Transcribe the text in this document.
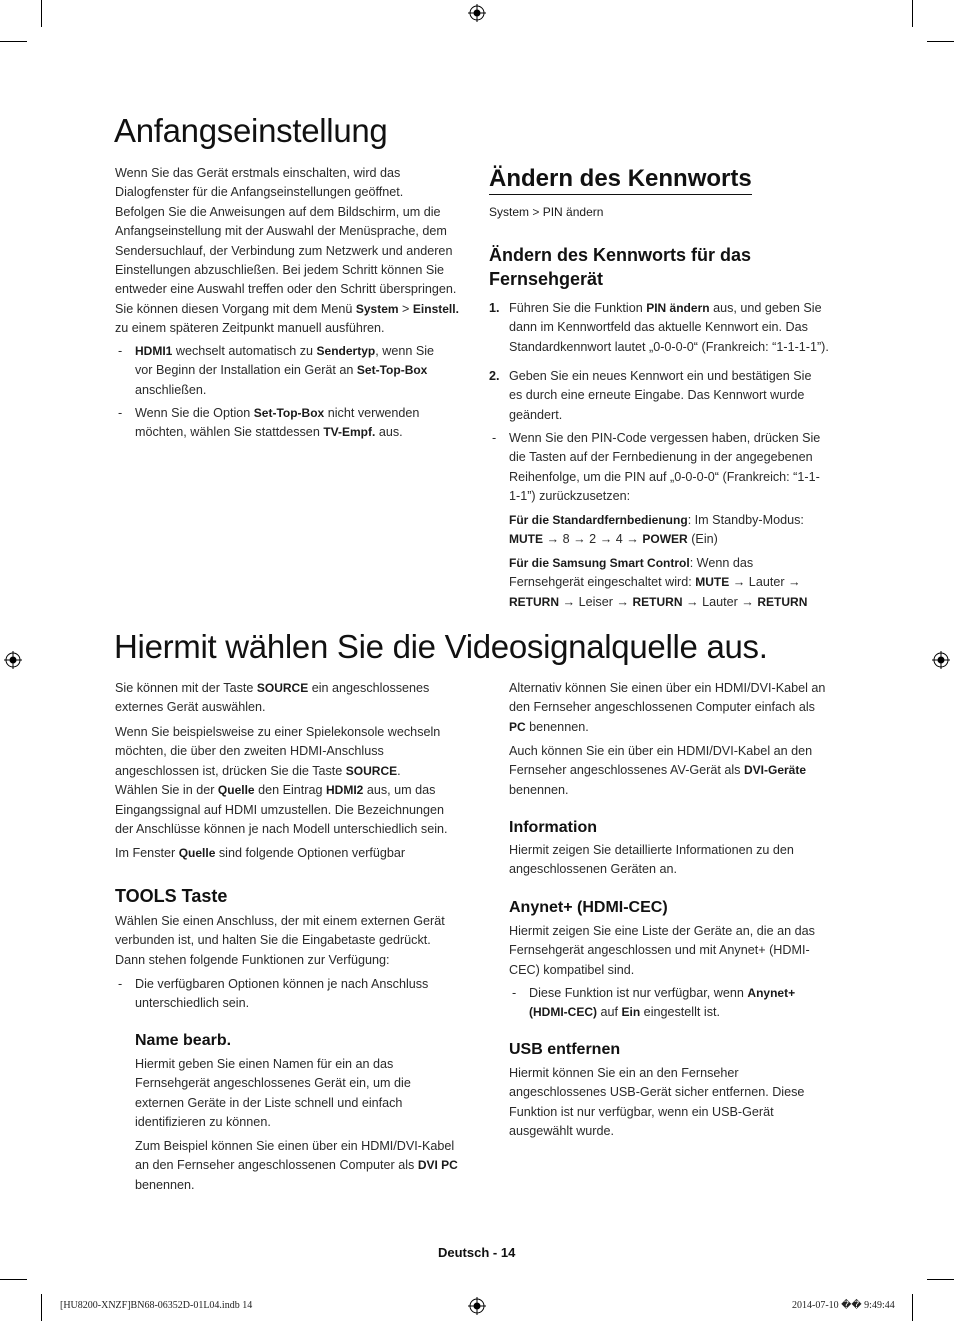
Anfangseinstellung
Wenn Sie das Gerät erstmals einschalten, wird das
Dialogfenster für die Anfangseinstellungen geöffnet.
Befolgen Sie die Anweisungen auf dem Bildschirm, um die
Anfangseinstellung mit der Auswahl der Menüsprache, dem
Sendersuchlauf, der Verbindung zum Netzwerk und anderen
Einstellungen abzuschließen. Bei jedem Schritt können Sie
entweder eine Auswahl treffen oder den Schritt überspringen.
Sie können diesen Vorgang mit dem Menü System > Einstell.
zu einem späteren Zeitpunkt manuell ausführen.
- HDMI1 wechselt automatisch zu Sendertyp, wenn Sie
vor Beginn der Installation ein Gerät an Set-Top-Box
anschließen.
- Wenn Sie die Option Set-Top-Box nicht verwenden
möchten, wählen Sie stattdessen TV-Empf. aus.
Ändern des Kennworts
System > PIN ändern
Ändern des Kennworts für das
Fernsehgerät
1. Führen Sie die Funktion PIN ändern aus, und geben Sie
dann im Kennwortfeld das aktuelle Kennwort ein. Das
Standardkennwort lautet „0-0-0-0“ (Frankreich: “1-1-1-1”).
2. Geben Sie ein neues Kennwort ein und bestätigen Sie
es durch eine erneute Eingabe. Das Kennwort wurde
geändert.
- Wenn Sie den PIN-Code vergessen haben, drücken Sie
die Tasten auf der Fernbedienung in der angegebenen
Reihenfolge, um die PIN auf „0-0-0-0“ (Frankreich: “1-1-
1-1”) zurückzusetzen:
Für die Standardfernbedienung: Im Standby-Modus:
MUTE → 8 → 2 → 4 → POWER (Ein)
Für die Samsung Smart Control: Wenn das
Fernsehgerät eingeschaltet wird: MUTE → Lauter →
RETURN → Leiser → RETURN → Lauter → RETURN
Hiermit wählen Sie die Videosignalquelle aus.
Sie können mit der Taste SOURCE ein angeschlossenes
externes Gerät auswählen.
Wenn Sie beispielsweise zu einer Spielekonsole wechseln
möchten, die über den zweiten HDMI-Anschluss
angeschlossen ist, drücken Sie die Taste SOURCE.
Wählen Sie in der Quelle den Eintrag HDMI2 aus, um das
Eingangssignal auf HDMI umzustellen. Die Bezeichnungen
der Anschlüsse können je nach Modell unterschiedlich sein.
Im Fenster Quelle sind folgende Optionen verfügbar
TOOLS Taste
Wählen Sie einen Anschluss, der mit einem externen Gerät
verbunden ist, und halten Sie die Eingabetaste gedrückt.
Dann stehen folgende Funktionen zur Verfügung:
- Die verfügbaren Optionen können je nach Anschluss
unterschiedlich sein.
Name bearb.
Hiermit geben Sie einen Namen für ein an das
Fernsehgerät angeschlossenes Gerät ein, um die
externen Geräte in der Liste schnell und einfach
identifizieren zu können.
Zum Beispiel können Sie einen über ein HDMI/DVI-Kabel
an den Fernseher angeschlossenen Computer als DVI PC
benennen.
Alternativ können Sie einen über ein HDMI/DVI-Kabel an
den Fernseher angeschlossenen Computer einfach als
PC benennen.
Auch können Sie ein über ein HDMI/DVI-Kabel an den
Fernseher angeschlossenes AV-Gerät als DVI-Geräte
benennen.
Information
Hiermit zeigen Sie detaillierte Informationen zu den
angeschlossenen Geräten an.
Anynet+ (HDMI-CEC)
Hiermit zeigen Sie eine Liste der Geräte an, die an das
Fernsehgerät angeschlossen und mit Anynet+ (HDMI-
CEC) kompatibel sind.
- Diese Funktion ist nur verfügbar, wenn Anynet+
(HDMI-CEC) auf Ein eingestellt ist.
USB entfernen
Hiermit können Sie ein an den Fernseher
angeschlossenes USB-Gerät sicher entfernen. Diese
Funktion ist nur verfügbar, wenn ein USB-Gerät
ausgewählt wurde.
Deutsch - 14
[HU8200-XNZF]BN68-06352D-01L04.indb 14	2014-07-10 �� 9:49:44
